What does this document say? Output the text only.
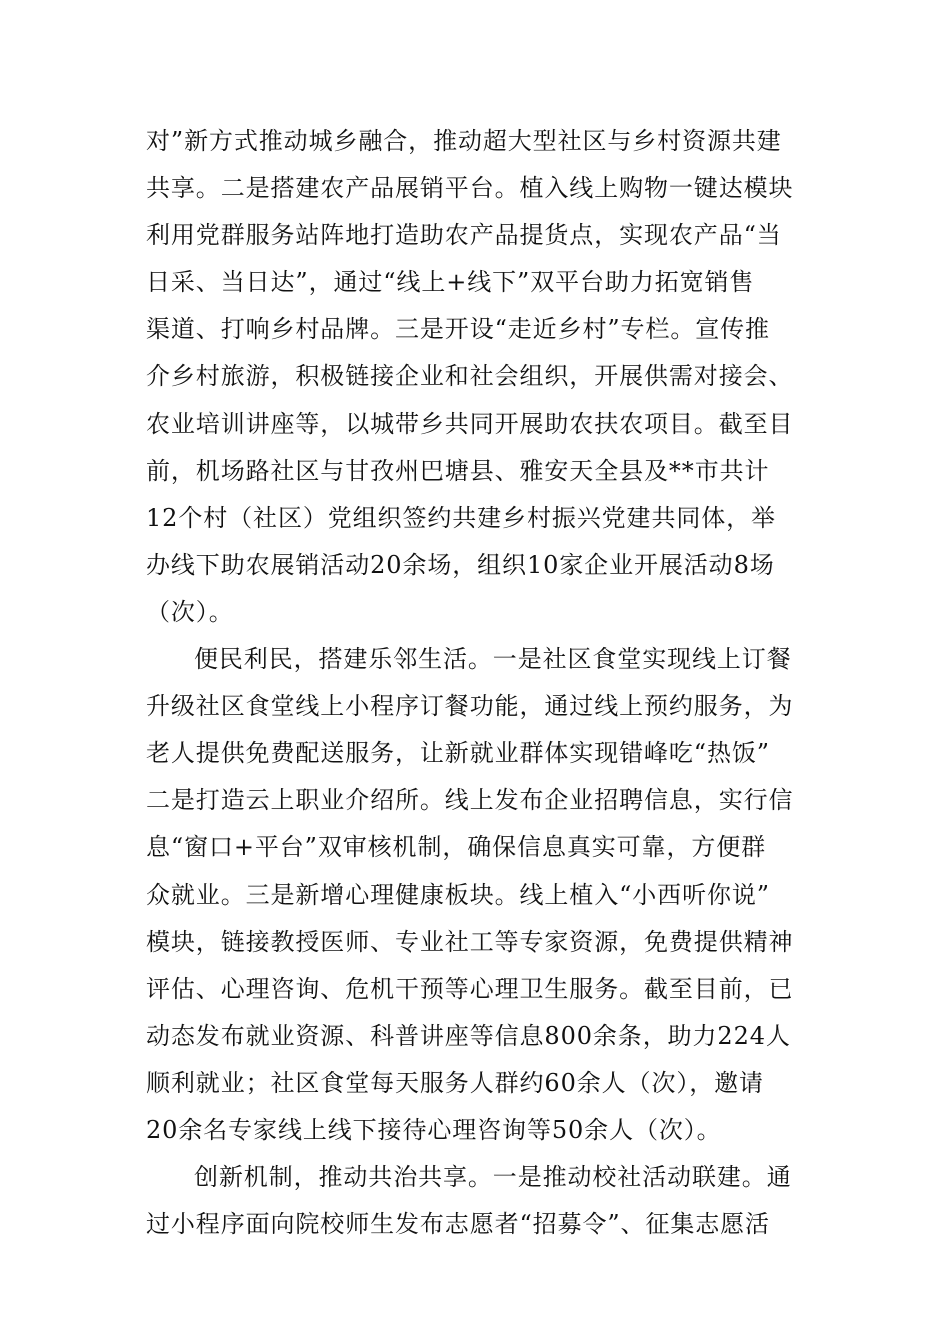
对”新方式推动城乡融合，推动超大型社区与乡村资源共建
共享。二是搭建农产品展销平台。植入线上购物一键达模块
利用党群服务站阵地打造助农产品提货点，实现农产品“当
日采、当日达”，通过“线上+线下”双平台助力拓宽销售
渠道、打响乡村品牌。三是开设“走近乡村”专栏。宣传推
介乡村旅游，积极链接企业和社会组织，开展供需对接会、
农业培训讲座等，以城带乡共同开展助农扶农项目。截至目
前，机场路社区与甘孜州巴塘县、雅安天全县及**市共计
12个村（社区）党组织签约共建乡村振兴党建共同体，举
办线下助农展销活动20余场，组织10家企业开展活动8场
（次）。
便民利民，搭建乐邻生活。一是社区食堂实现线上订餐
升级社区食堂线上小程序订餐功能，通过线上预约服务，为
老人提供免费配送服务，让新就业群体实现错峰吃“热饭”
二是打造云上职业介绍所。线上发布企业招聘信息，实行信
息“窗口+平台”双审核机制，确保信息真实可靠，方便群
众就业。三是新增心理健康板块。线上植入“小西听你说”
模块，链接教授医师、专业社工等专家资源，免费提供精神
评估、心理咨询、危机干预等心理卫生服务。截至目前，已
动态发布就业资源、科普讲座等信息800余条，助力224人
顺利就业；社区食堂每天服务人群约60余人（次），邀请
20余名专家线上线下接待心理咨询等50余人（次）。
创新机制，推动共治共享。一是推动校社活动联建。通
过小程序面向院校师生发布志愿者“招募令”、征集志愿活
